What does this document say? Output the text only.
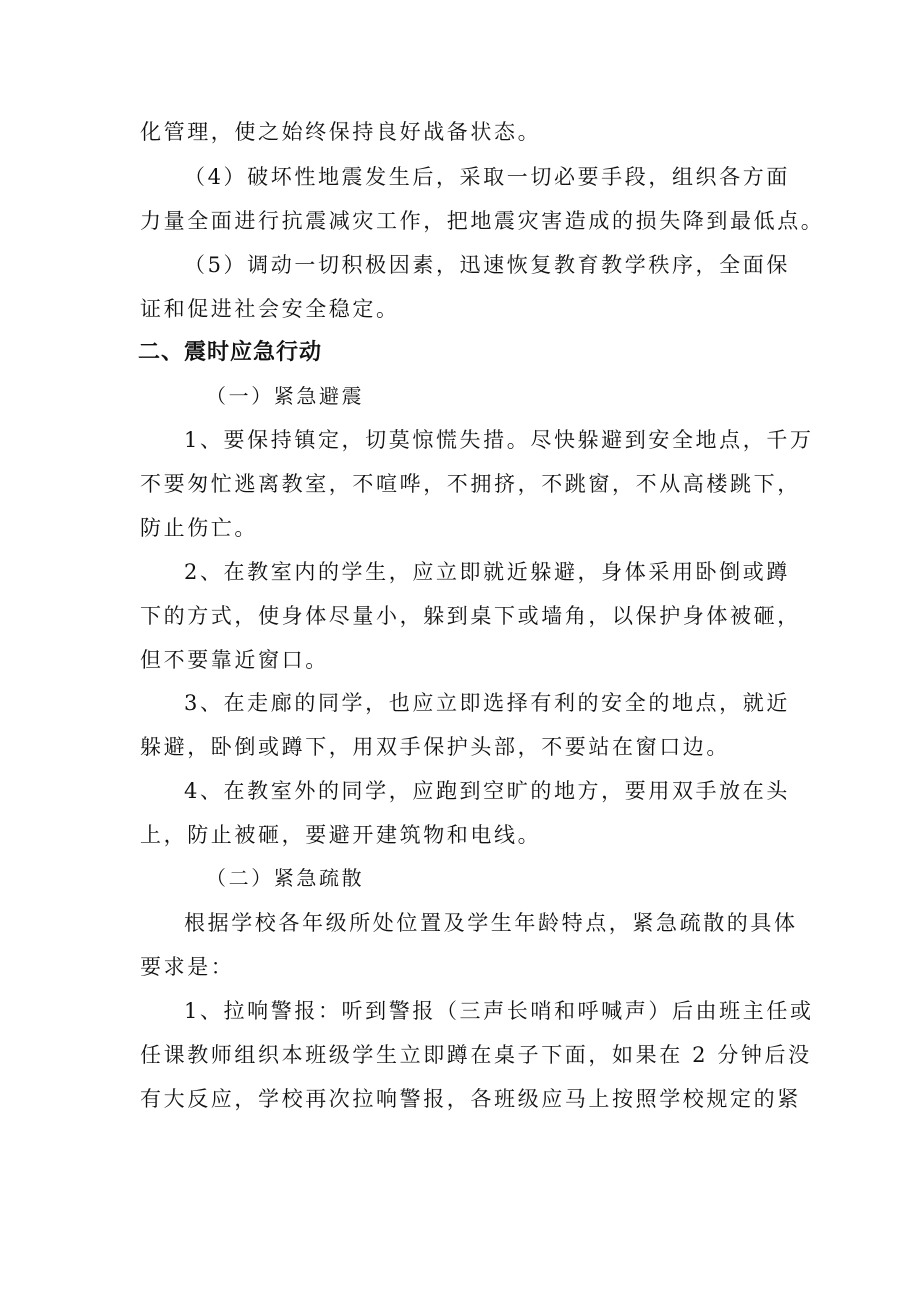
化管理，使之始终保持良好战备状态。
（4）破坏性地震发生后，采取一切必要手段，组织各方面
力量全面进行抗震减灾工作，把地震灾害造成的损失降到最低点。
（5）调动一切积极因素，迅速恢复教育教学秩序，全面保
证和促进社会安全稳定。
二、震时应急行动
（一）紧急避震
1、要保持镇定，切莫惊慌失措。尽快躲避到安全地点，千万
不要匆忙逃离教室，不喧哗，不拥挤，不跳窗，不从高楼跳下，
防止伤亡。
2、在教室内的学生，应立即就近躲避，身体采用卧倒或蹲
下的方式，使身体尽量小，躲到桌下或墙角，以保护身体被砸，
但不要靠近窗口。
3、在走廊的同学，也应立即选择有利的安全的地点，就近
躲避，卧倒或蹲下，用双手保护头部，不要站在窗口边。
4、在教室外的同学，应跑到空旷的地方，要用双手放在头
上，防止被砸，要避开建筑物和电线。
（二）紧急疏散
根据学校各年级所处位置及学生年龄特点，紧急疏散的具体
要求是：
1、拉响警报：听到警报（三声长哨和呼喊声）后由班主任或
任课教师组织本班级学生立即蹲在桌子下面，如果在 2 分钟后没
有大反应，学校再次拉响警报，各班级应马上按照学校规定的紧
